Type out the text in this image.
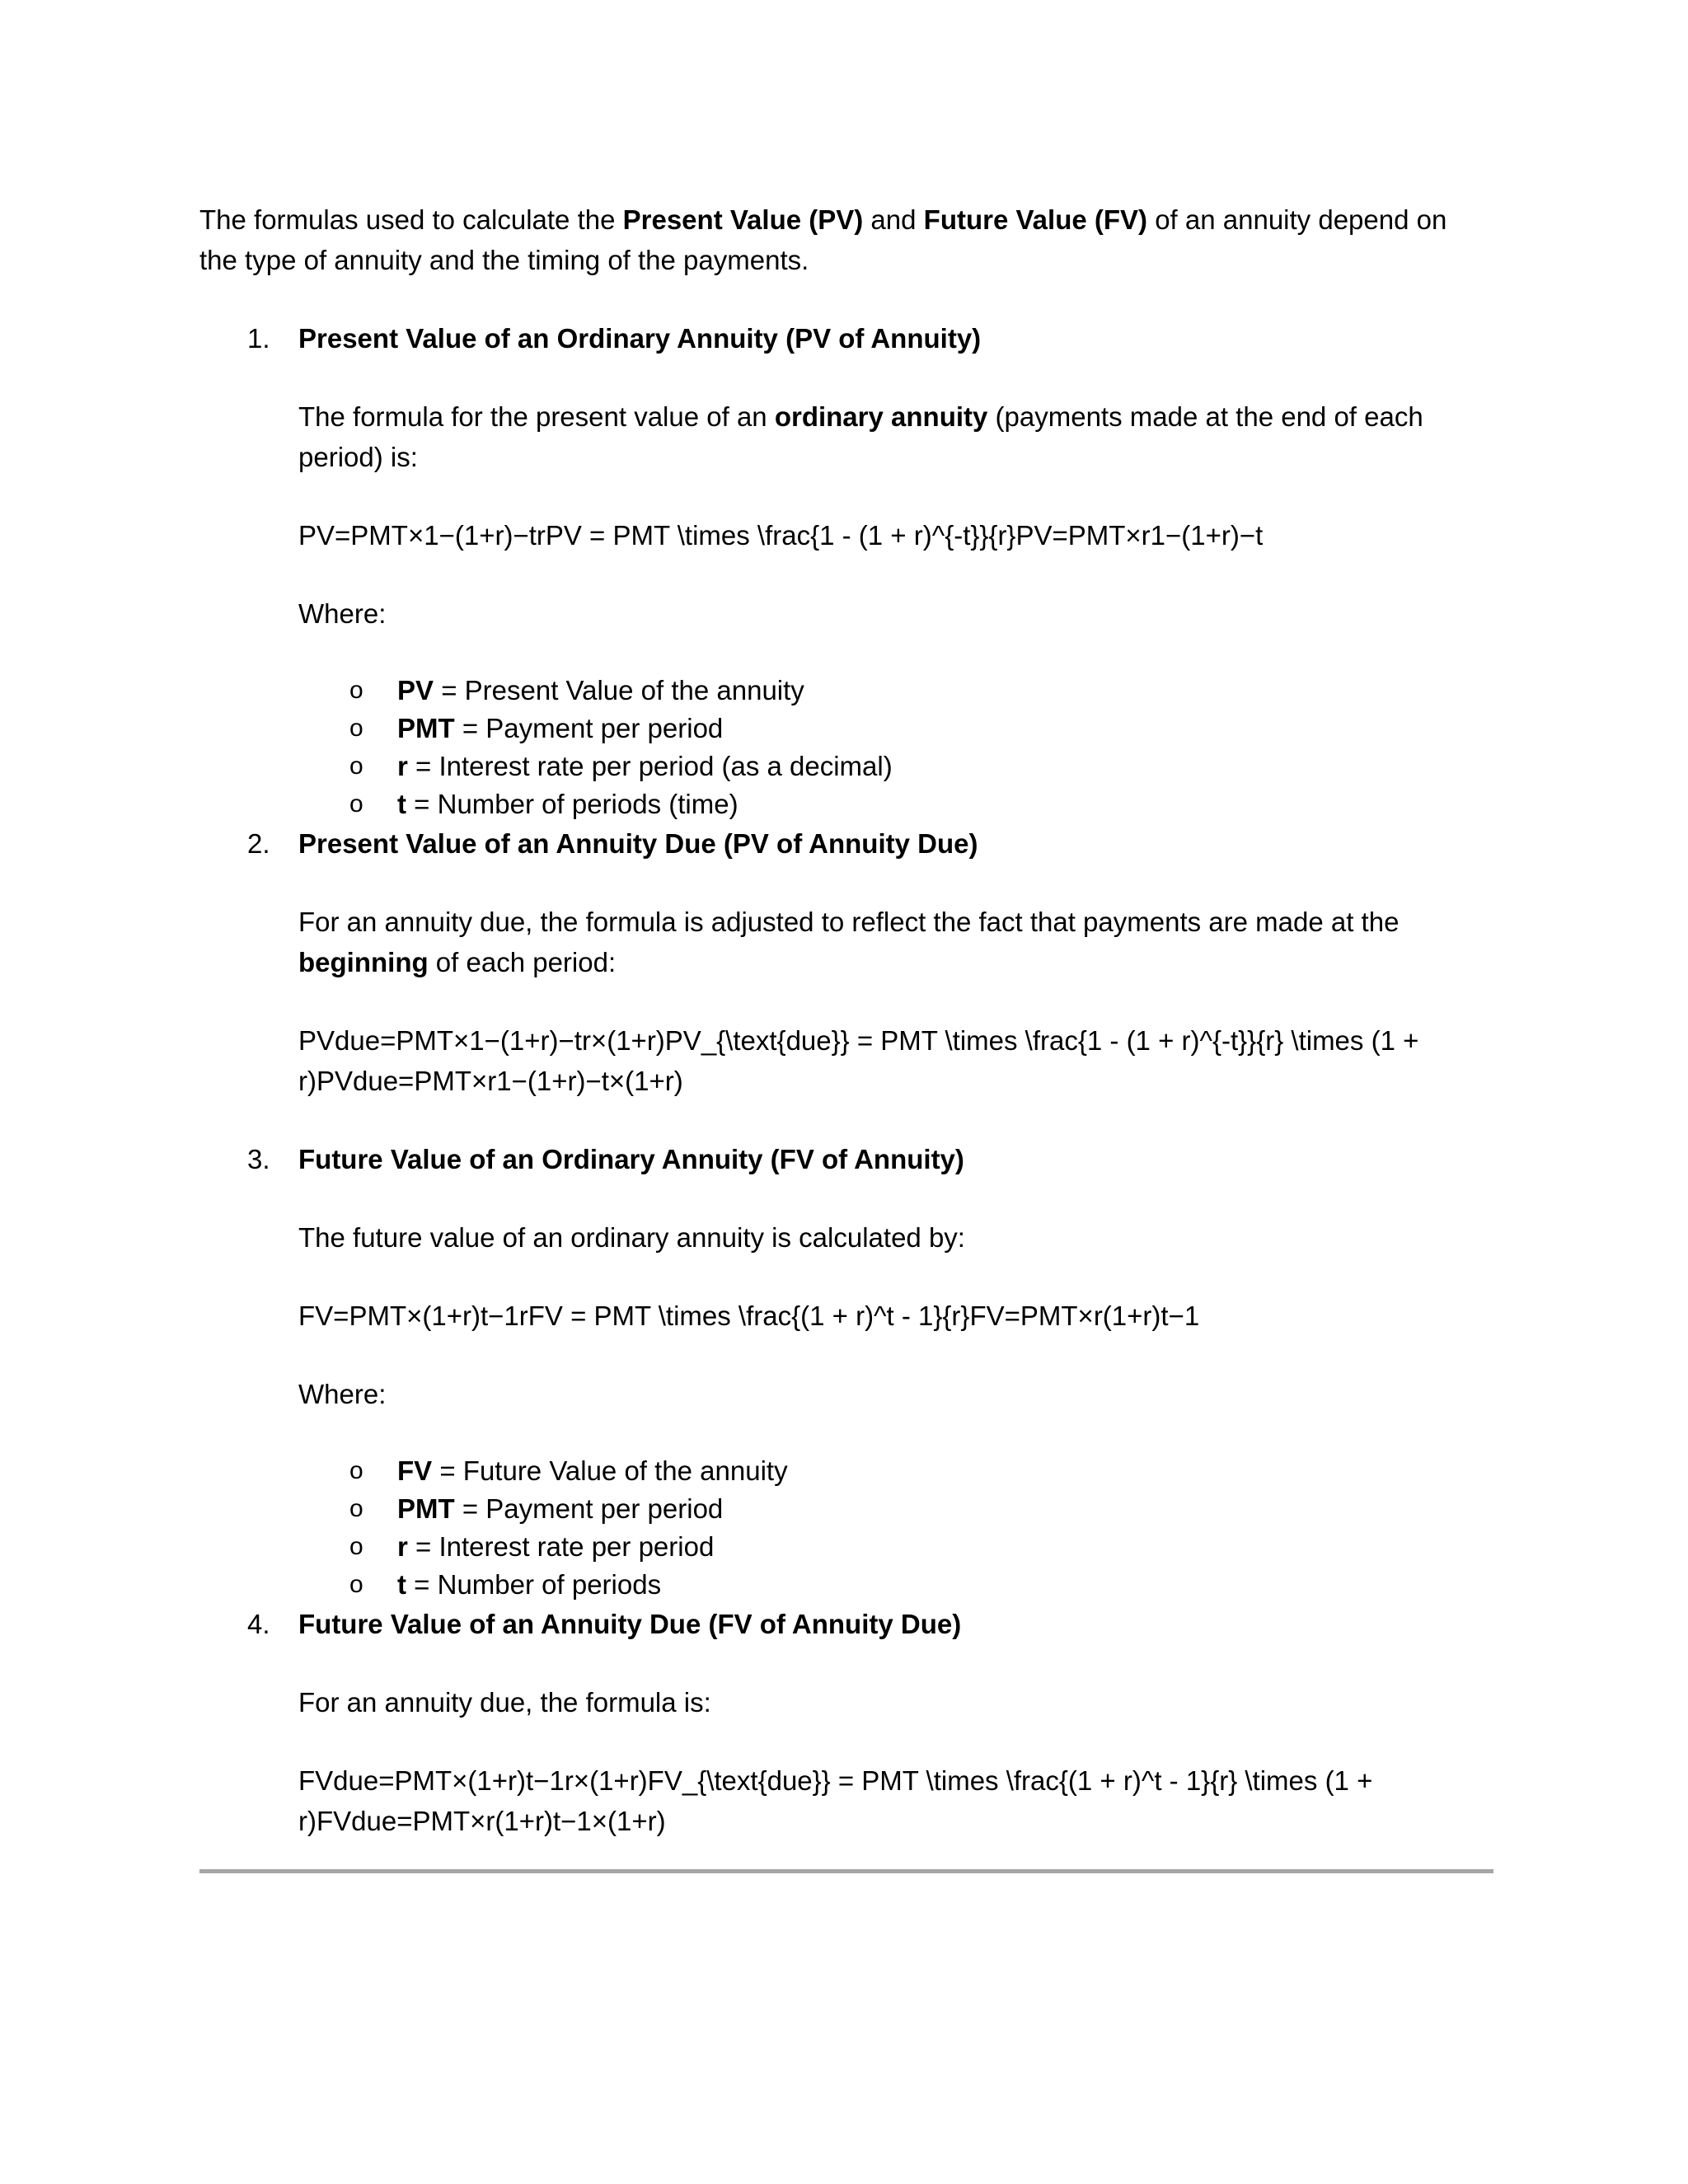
The formulas used to calculate the Present Value (PV) and Future Value (FV) of an annuity depend on the type of annuity and the timing of the payments.

1. Present Value of an Ordinary Annuity (PV of Annuity)

The formula for the present value of an ordinary annuity (payments made at the end of each period) is:

PV=PMT×1−(1+r)−trPV = PMT \times \frac{1 - (1 + r)^{-t}}{r}PV=PMT×r1−(1+r)−t

Where:

o PV = Present Value of the annuity
o PMT = Payment per period
o r = Interest rate per period (as a decimal)
o t = Number of periods (time)
2. Present Value of an Annuity Due (PV of Annuity Due)

For an annuity due, the formula is adjusted to reflect the fact that payments are made at the beginning of each period:

PVdue=PMT×1−(1+r)−tr×(1+r)PV_{\text{due}} = PMT \times \frac{1 - (1 + r)^{-t}}{r} \times (1 + r)PVdue=PMT×r1−(1+r)−t×(1+r)

3. Future Value of an Ordinary Annuity (FV of Annuity)

The future value of an ordinary annuity is calculated by:

FV=PMT×(1+r)t−1rFV = PMT \times \frac{(1 + r)^t - 1}{r}FV=PMT×r(1+r)t−1

Where:

o FV = Future Value of the annuity
o PMT = Payment per period
o r = Interest rate per period
o t = Number of periods
4. Future Value of an Annuity Due (FV of Annuity Due)

For an annuity due, the formula is:

FVdue=PMT×(1+r)t−1r×(1+r)FV_{\text{due}} = PMT \times \frac{(1 + r)^t - 1}{r} \times (1 + r)FVdue=PMT×r(1+r)t−1×(1+r)
